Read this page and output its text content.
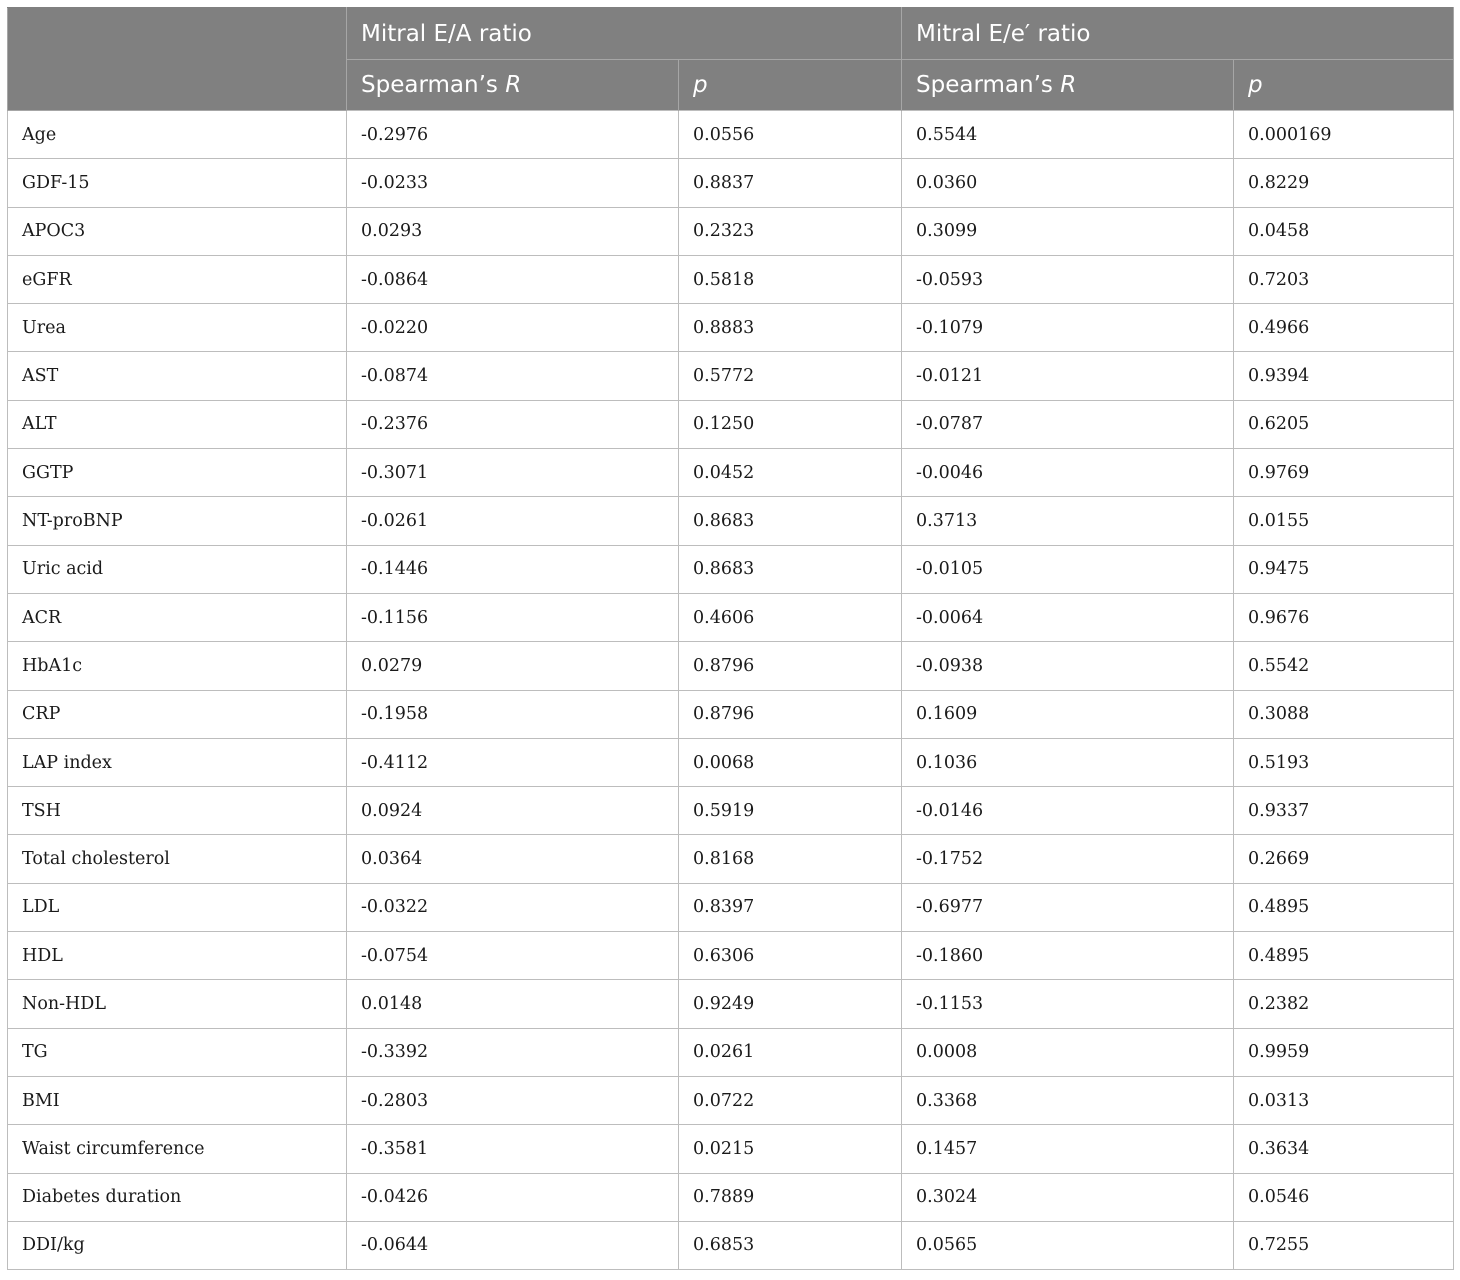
	Mitral E/A ratio		Mitral E/e′ ratio	
	Spearman’s R	p	Spearman’s R	p
Age	-0.2976	0.0556	0.5544	0.000169
GDF-15	-0.0233	0.8837	0.0360	0.8229
APOC3	0.0293	0.2323	0.3099	0.0458
eGFR	-0.0864	0.5818	-0.0593	0.7203
Urea	-0.0220	0.8883	-0.1079	0.4966
AST	-0.0874	0.5772	-0.0121	0.9394
ALT	-0.2376	0.1250	-0.0787	0.6205
GGTP	-0.3071	0.0452	-0.0046	0.9769
NT-proBNP	-0.0261	0.8683	0.3713	0.0155
Uric acid	-0.1446	0.8683	-0.0105	0.9475
ACR	-0.1156	0.4606	-0.0064	0.9676
HbA1c	0.0279	0.8796	-0.0938	0.5542
CRP	-0.1958	0.8796	0.1609	0.3088
LAP index	-0.4112	0.0068	0.1036	0.5193
TSH	0.0924	0.5919	-0.0146	0.9337
Total cholesterol	0.0364	0.8168	-0.1752	0.2669
LDL	-0.0322	0.8397	-0.6977	0.4895
HDL	-0.0754	0.6306	-0.1860	0.4895
Non-HDL	0.0148	0.9249	-0.1153	0.2382
TG	-0.3392	0.0261	0.0008	0.9959
BMI	-0.2803	0.0722	0.3368	0.0313
Waist circumference	-0.3581	0.0215	0.1457	0.3634
Diabetes duration	-0.0426	0.7889	0.3024	0.0546
DDI/kg	-0.0644	0.6853	0.0565	0.7255
